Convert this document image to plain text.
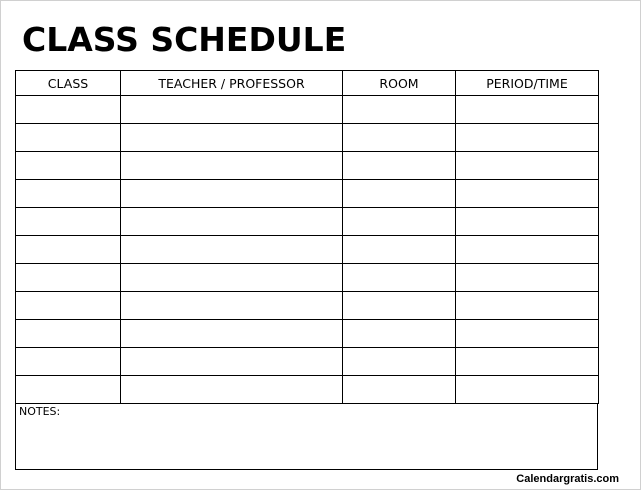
CLASS SCHEDULE
CLASS	TEACHER / PROFESSOR	ROOM	PERIOD/TIME

NOTES:
Calendargratis.com
